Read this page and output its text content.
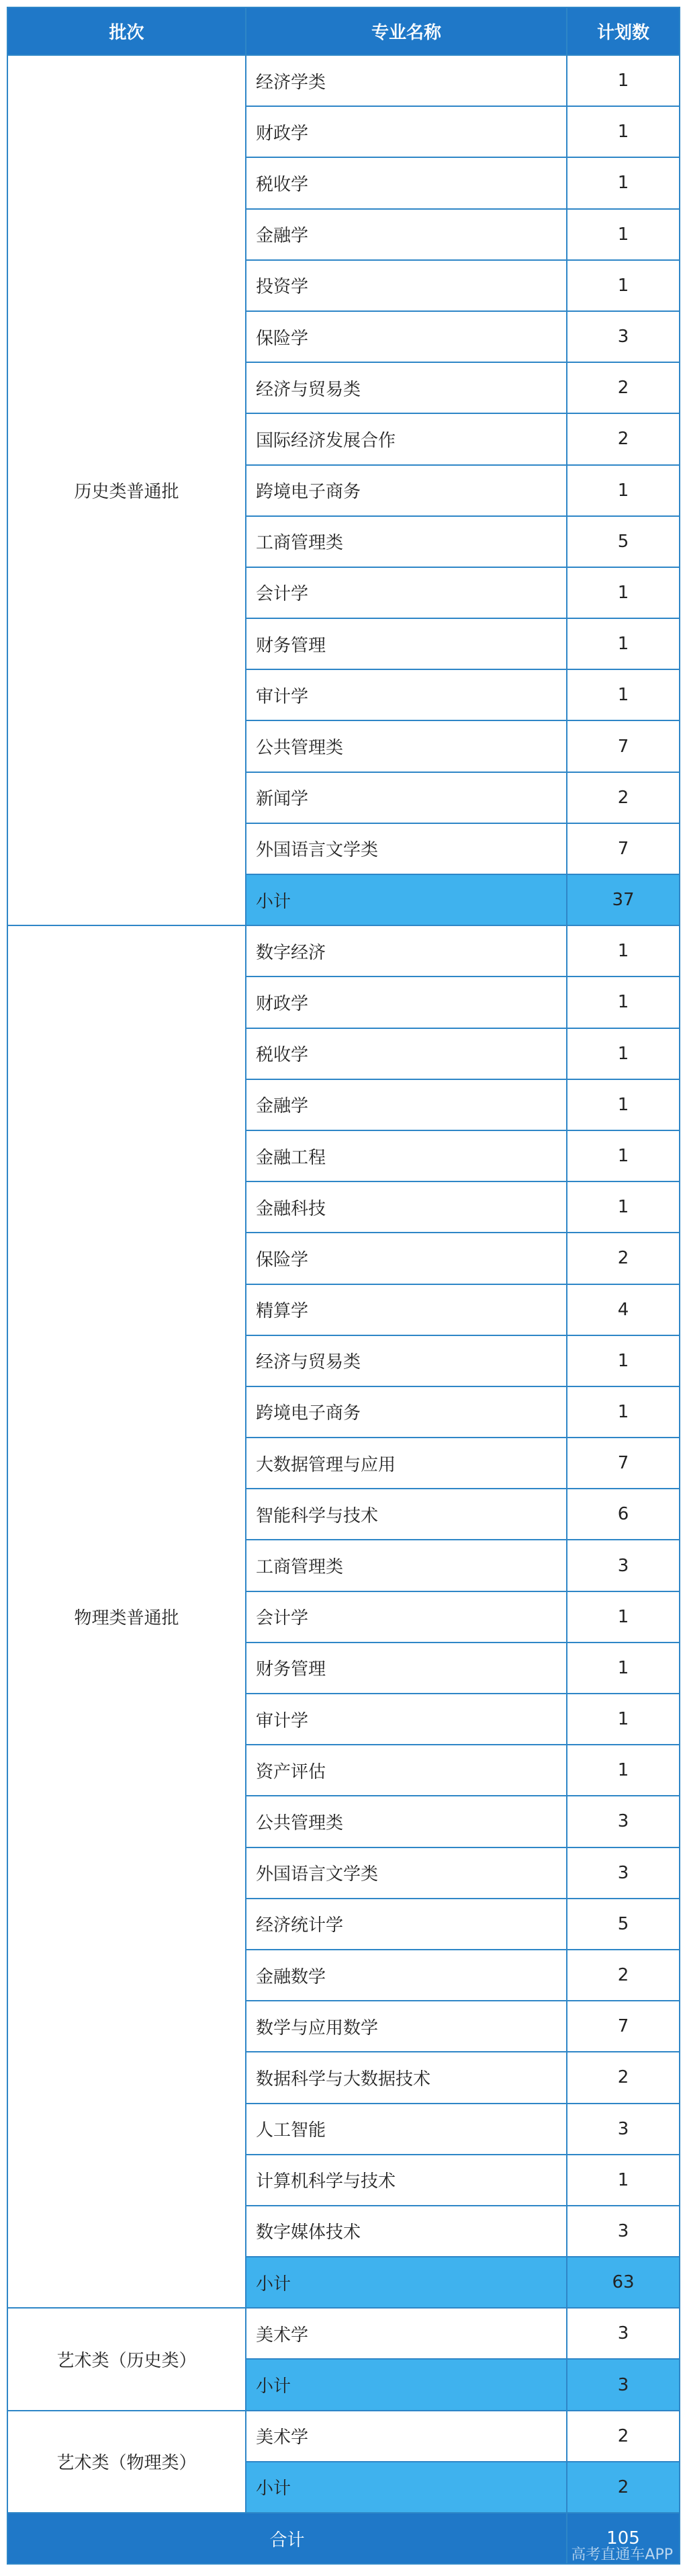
批次	专业名称	计划数
历史类普通批	经济学类	1
	财政学	1
	税收学	1
	金融学	1
	投资学	1
	保险学	3
	经济与贸易类	2
	国际经济发展合作	2
	跨境电子商务	1
	工商管理类	5
	会计学	1
	财务管理	1
	审计学	1
	公共管理类	7
	新闻学	2
	外国语言文学类	7
	小计	37
物理类普通批	数字经济	1
	财政学	1
	税收学	1
	金融学	1
	金融工程	1
	金融科技	1
	保险学	2
	精算学	4
	经济与贸易类	1
	跨境电子商务	1
	大数据管理与应用	7
	智能科学与技术	6
	工商管理类	3
	会计学	1
	财务管理	1
	审计学	1
	资产评估	1
	公共管理类	3
	外国语言文学类	3
	经济统计学	5
	金融数学	2
	数学与应用数学	7
	数据科学与大数据技术	2
	人工智能	3
	计算机科学与技术	1
	数字媒体技术	3
	小计	63
艺术类（历史类）	美术学	3
	小计	3
艺术类（物理类）	美术学	2
	小计	2
合计		105
高考直通车APP
